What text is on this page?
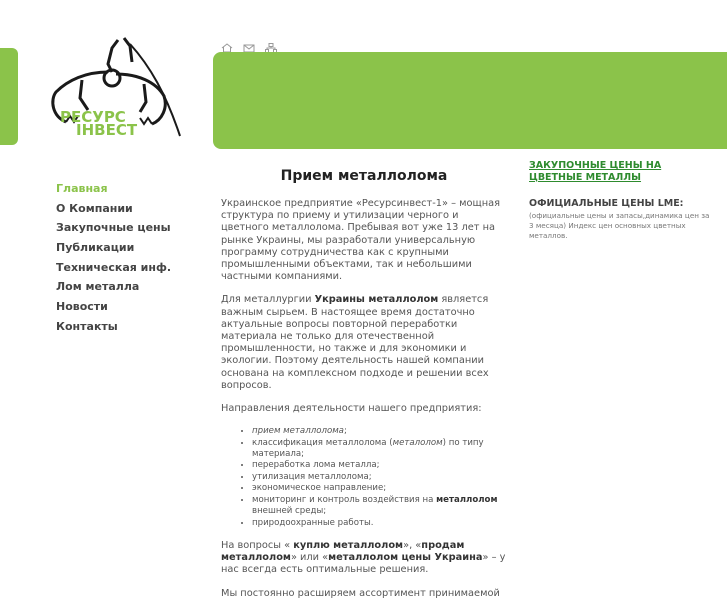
РЕСУРС
ІНВЕСТ
Главная
О Компании
Закупочные цены
Публикации
Техническая инф.
Лом металла
Новости
Контакты
Прием металлолома

Украинское предприятие «Ресурсинвест-1» – мощная структура по приему и утилизации черного и цветного металлолома. Пребывая вот уже 13 лет на рынке Украины, мы разработали универсальную программу сотрудничества как с крупными промышленными объектами, так и небольшими частными компаниями.

Для металлургии Украины металлолом является важным сырьем. В настоящее время достаточно актуальные вопросы повторной переработки материала не только для отечественной промышленности, но также и для экономики и экологии. Поэтому деятельность нашей компании основана на комплексном подходе и решении всех вопросов.

Направления деятельности нашего предприятия:

• прием металлолома;
• классификация металлолома (металолом) по типу материала;
• переработка лома металла;
• утилизация металлолома;
• экономическое направление;
• мониторинг и контроль воздействия на металлолом внешней среды;
• природоохранные работы.

На вопросы « куплю металлолом», «продам металлолом» или «металлолом цены Украина» – у нас всегда есть оптимальные решения.

Мы постоянно расширяем ассортимент принимаемой

ЗАКУПОЧНЫЕ ЦЕНЫ НА ЦВЕТНЫЕ МЕТАЛЛЫ
ОФИЦИАЛЬНЫЕ ЦЕНЫ LME:
(официальные цены и запасы,динамика цен за 3 месяца) Индекс цен основных цветных металлов.
